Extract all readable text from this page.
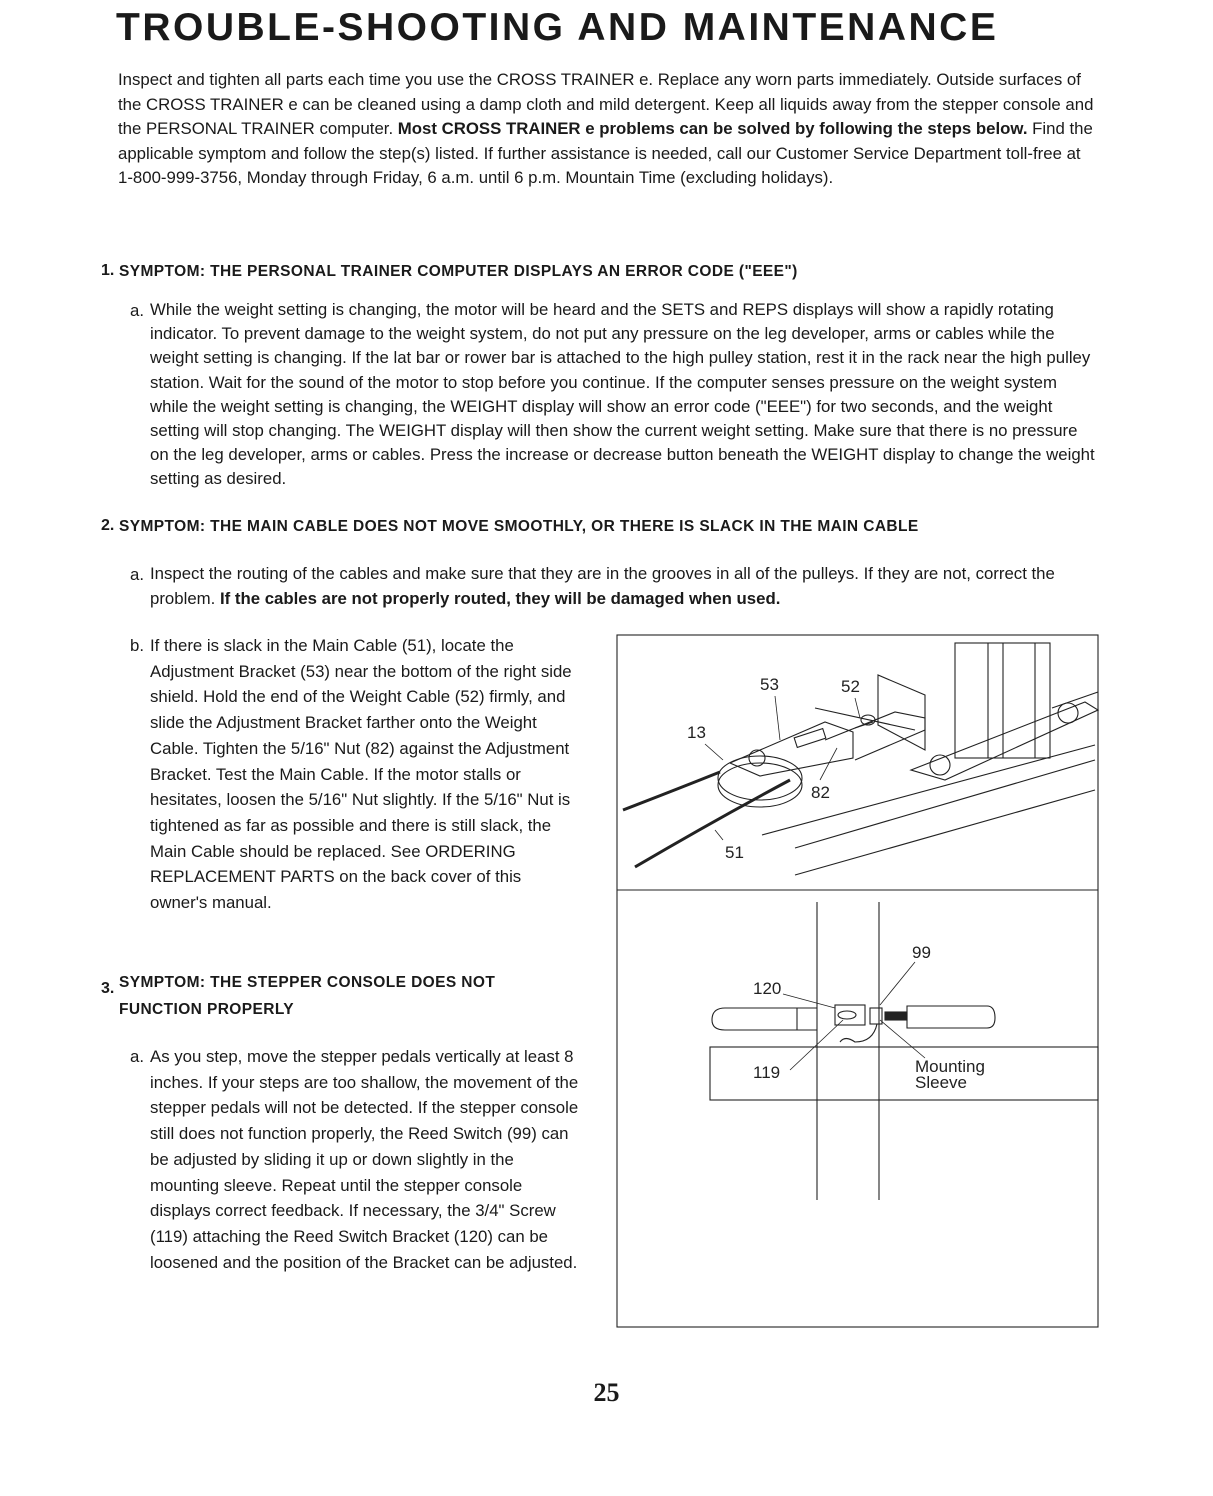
TROUBLE-SHOOTING AND MAINTENANCE

Inspect and tighten all parts each time you use the CROSS TRAINER e. Replace any worn parts immediately. Outside surfaces of the CROSS TRAINER e can be cleaned using a damp cloth and mild detergent. Keep all liquids away from the stepper console and the PERSONAL TRAINER computer. Most CROSS TRAINER e problems can be solved by following the steps below. Find the applicable symptom and follow the step(s) listed. If further assistance is needed, call our Customer Service Department toll-free at 1-800-999-3756, Monday through Friday, 6 a.m. until 6 p.m. Mountain Time (excluding holidays).

1. SYMPTOM: THE PERSONAL TRAINER COMPUTER DISPLAYS AN ERROR CODE ("EEE")
a. While the weight setting is changing, the motor will be heard and the SETS and REPS displays will show a rapidly rotating indicator. To prevent damage to the weight system, do not put any pressure on the leg developer, arms or cables while the weight setting is changing. If the lat bar or rower bar is attached to the high pulley station, rest it in the rack near the high pulley station. Wait for the sound of the motor to stop before you continue. If the computer senses pressure on the weight system while the weight setting is changing, the WEIGHT display will show an error code ("EEE") for two seconds, and the weight setting will stop changing. The WEIGHT display will then show the current weight setting. Make sure that there is no pressure on the leg developer, arms or cables. Press the increase or decrease button beneath the WEIGHT display to change the weight setting as desired.

2. SYMPTOM: THE MAIN CABLE DOES NOT MOVE SMOOTHLY, OR THERE IS SLACK IN THE MAIN CABLE
a. Inspect the routing of the cables and make sure that they are in the grooves in all of the pulleys. If they are not, correct the problem. If the cables are not properly routed, they will be damaged when used.

b. If there is slack in the Main Cable (51), locate the Adjustment Bracket (53) near the bottom of the right side shield. Hold the end of the Weight Cable (52) firmly, and slide the Adjustment Bracket farther onto the Weight Cable. Tighten the 5/16" Nut (82) against the Adjustment Bracket. Test the Main Cable. If the motor stalls or hesitates, loosen the 5/16" Nut slightly. If the 5/16" Nut is tightened as far as possible and there is still slack, the Main Cable should be replaced. See ORDERING REPLACEMENT PARTS on the back cover of this owner's manual.

3. SYMPTOM: THE STEPPER CONSOLE DOES NOT FUNCTION PROPERLY

a. As you step, move the stepper pedals vertically at least 8 inches. If your steps are too shallow, the movement of the stepper pedals will not be detected. If the stepper console still does not function properly, the Reed Switch (99) can be adjusted by sliding it up or down slightly in the mounting sleeve. Repeat until the stepper console displays correct feedback. If necessary, the 3/4" Screw (119) attaching the Reed Switch Bracket (120) can be loosened and the position of the Bracket can be adjusted.

53	52
13
82
51
99
120
119	Mounting
Sleeve
25
